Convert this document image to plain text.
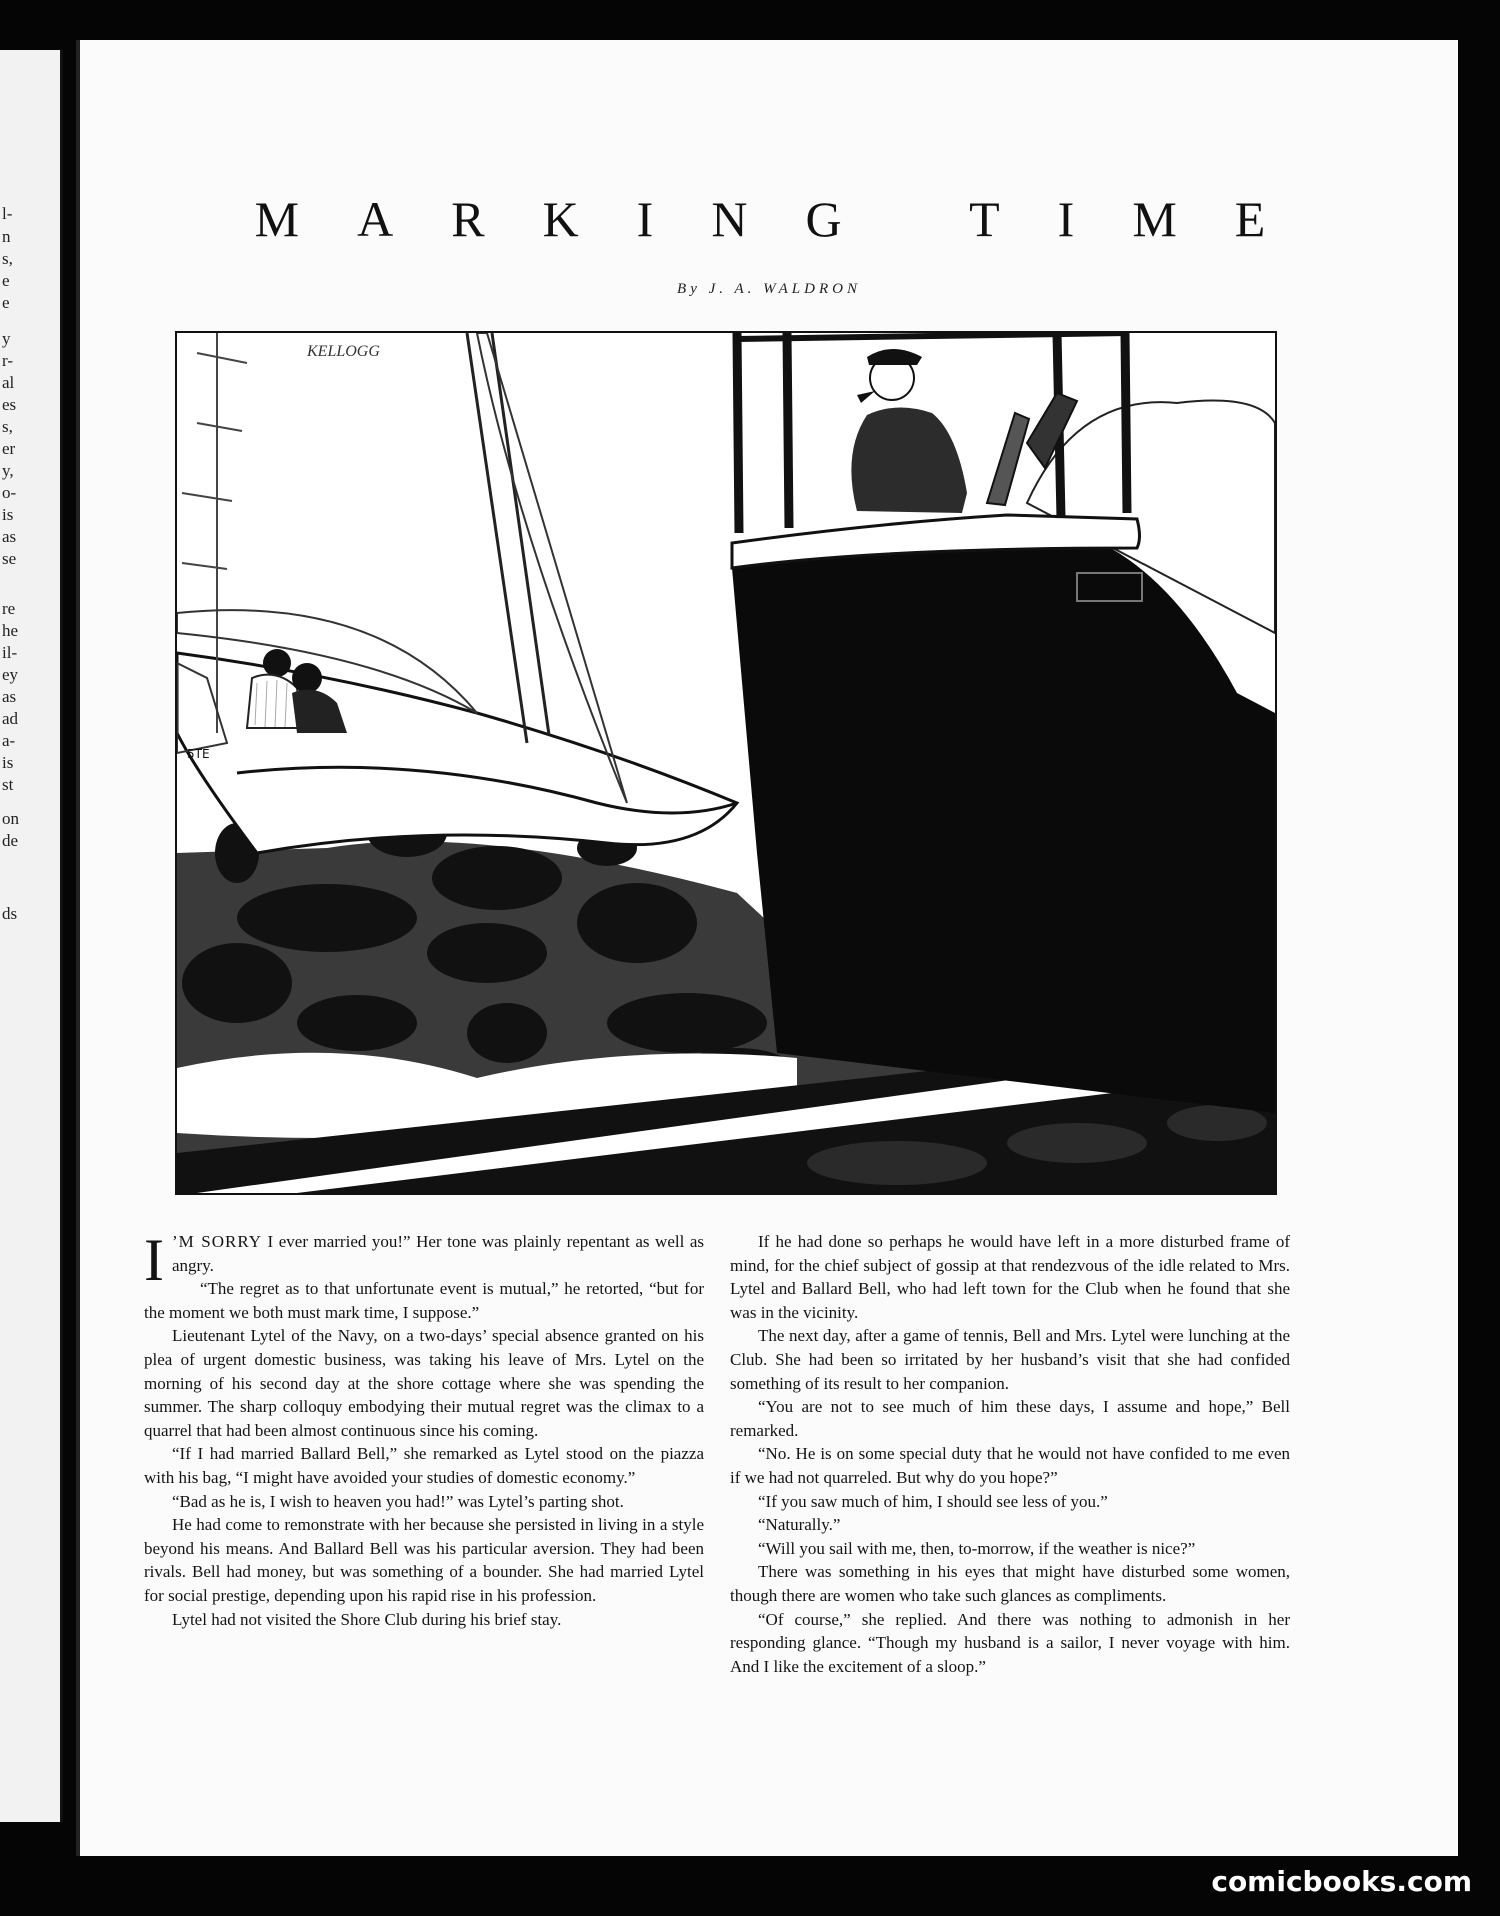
l-
n
s,
e
e
y
r-
al
es
s,
er
y,
o-
is
as
se
re
he
il-
ey
as
ad
a-
is
st
on
de
ds
MARKING TIME
By J. A. WALDRON
5TE
KELLOGG

I ’M SORRY I ever married you!” Her tone was plainly repentant as well as angry.

“The regret as to that unfortunate event is mutual,” he retorted, “but for the moment we both must mark time, I suppose.”

Lieutenant Lytel of the Navy, on a two-days’ special absence granted on his plea of urgent domestic business, was taking his leave of Mrs. Lytel on the morning of his second day at the shore cottage where she was spending the summer. The sharp colloquy embodying their mutual regret was the climax to a quarrel that had been almost continuous since his coming.

“If I had married Ballard Bell,” she remarked as Lytel stood on the piazza with his bag, “I might have avoided your studies of domestic economy.”

“Bad as he is, I wish to heaven you had!” was Lytel’s parting shot.

He had come to remonstrate with her because she persisted in living in a style beyond his means. And Ballard Bell was his particular aversion. They had been rivals. Bell had money, but was something of a bounder. She had married Lytel for social prestige, depending upon his rapid rise in his profession.

Lytel had not visited the Shore Club during his brief stay.

If he had done so perhaps he would have left in a more disturbed frame of mind, for the chief subject of gossip at that rendezvous of the idle related to Mrs. Lytel and Ballard Bell, who had left town for the Club when he found that she was in the vicinity.

The next day, after a game of tennis, Bell and Mrs. Lytel were lunching at the Club. She had been so irritated by her husband’s visit that she had confided something of its result to her companion.

“You are not to see much of him these days, I assume and hope,” Bell remarked.

“No. He is on some special duty that he would not have confided to me even if we had not quarreled. But why do you hope?”

“If you saw much of him, I should see less of you.”

“Naturally.”

“Will you sail with me, then, to-morrow, if the weather is nice?”

There was something in his eyes that might have disturbed some women, though there are women who take such glances as compliments.

“Of course,” she replied. And there was nothing to admonish in her responding glance. “Though my husband is a sailor, I never voyage with him. And I like the excitement of a sloop.”

comicbooks.com
